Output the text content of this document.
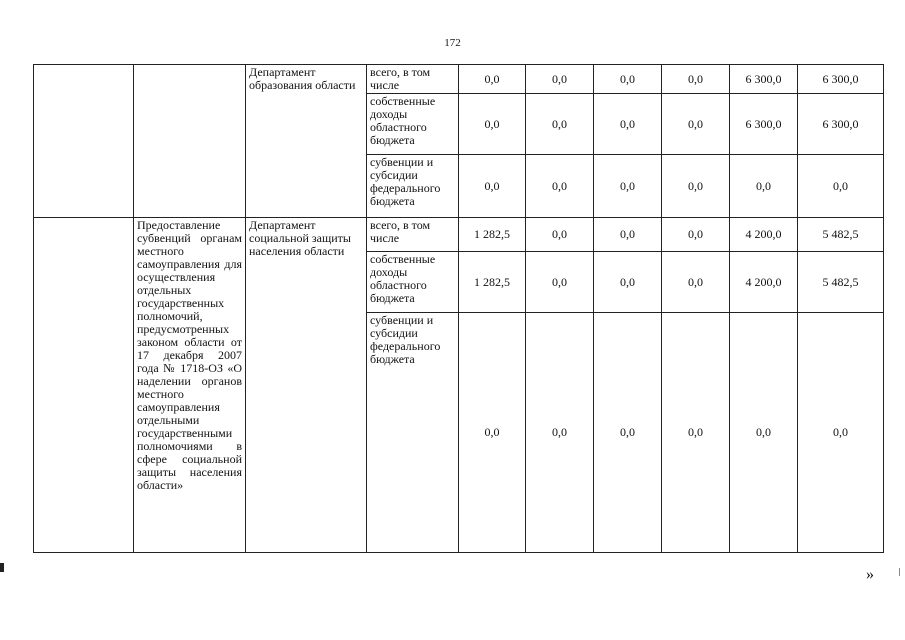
172
		Департамент образования области	всего, в том числе	0,0	0,0	0,0	0,0	6 300,0	6 300,0
			собственные доходы областного бюджета	0,0	0,0	0,0	0,0	6 300,0	6 300,0
			субвенции и субсидии федерального бюджета	0,0	0,0	0,0	0,0	0,0	0,0
	Предоставление субвенций органам местного самоуправления для осуществления отдельных государственных полномочий, предусмотренных законом области от 17 декабря 2007 года № 1718-ОЗ «О наделении органов местного самоуправления отдельными государственными полномочиями в сфере социальной защиты населения области»	Департамент социальной защиты населения области	всего, в том числе	1 282,5	0,0	0,0	0,0	4 200,0	5 482,5
			собственные доходы областного бюджета	1 282,5	0,0	0,0	0,0	4 200,0	5 482,5
			субвенции и субсидии федерального бюджета	0,0	0,0	0,0	0,0	0,0	0,0
»
